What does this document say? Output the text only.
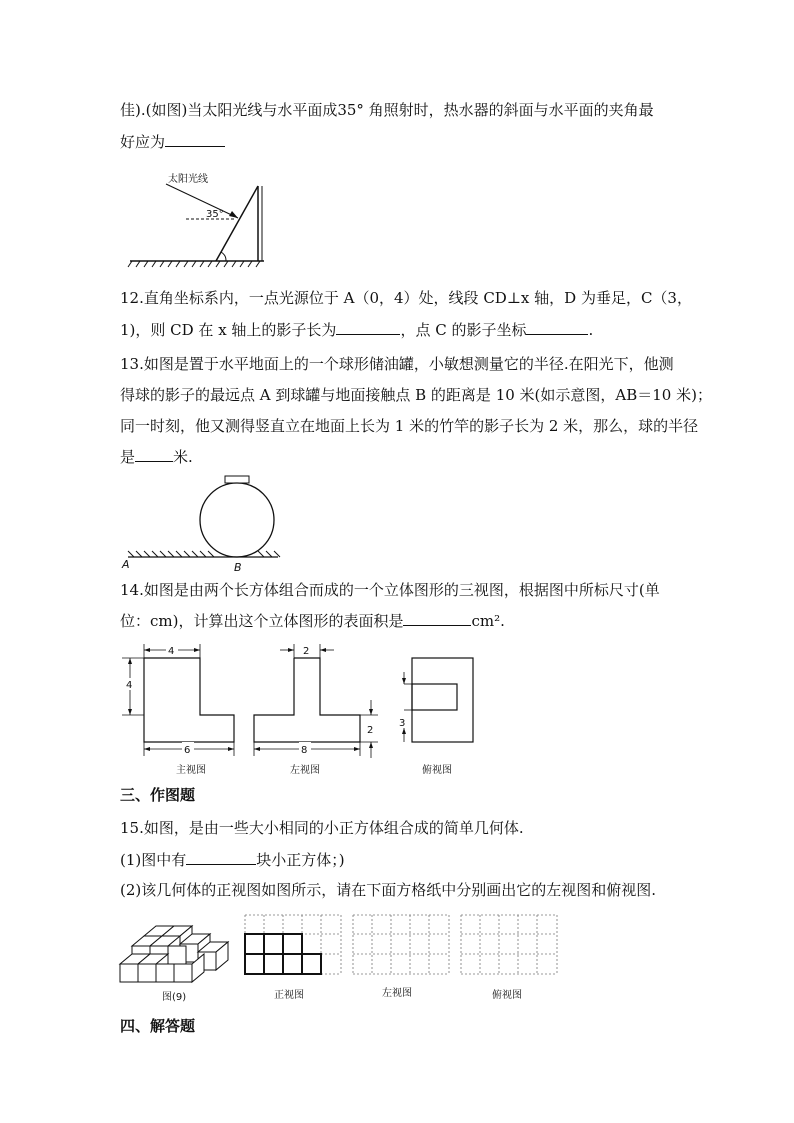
佳).(如图)当太阳光线与水平面成35° 角照射时，热水器的斜面与水平面的夹角最
好应为
太阳光线
35°
12.直角坐标系内，一点光源位于 A（0，4）处，线段 CD⊥x 轴，D 为垂足，C（3，
1)，则 CD 在 x 轴上的影子长为	，点 C 的影子坐标	.
13.如图是置于水平地面上的一个球形储油罐，小敏想测量它的半径.在阳光下，他测
得球的影子的最远点 A 到球罐与地面接触点 B 的距离是 10 米(如示意图，AB＝10 米)；
同一时刻，他又测得竖直立在地面上长为 1 米的竹竿的影子长为 2 米，那么，球的半径
是	米.
A	B
14.如图是由两个长方体组合而成的一个立体图形的三视图，根据图中所标尺寸(单
位：cm)，计算出这个立体图形的表面积是	cm².
4
4
6
主视图
2
2
8
左视图
3
俯视图
三、作图题
15.如图，是由一些大小相同的小正方体组合成的简单几何体.
(1)图中有	块小正方体；)
(2)该几何体的正视图如图所示，请在下面方格纸中分别画出它的左视图和俯视图.
图(9)	正视图	左视图	俯视图
四、解答题
